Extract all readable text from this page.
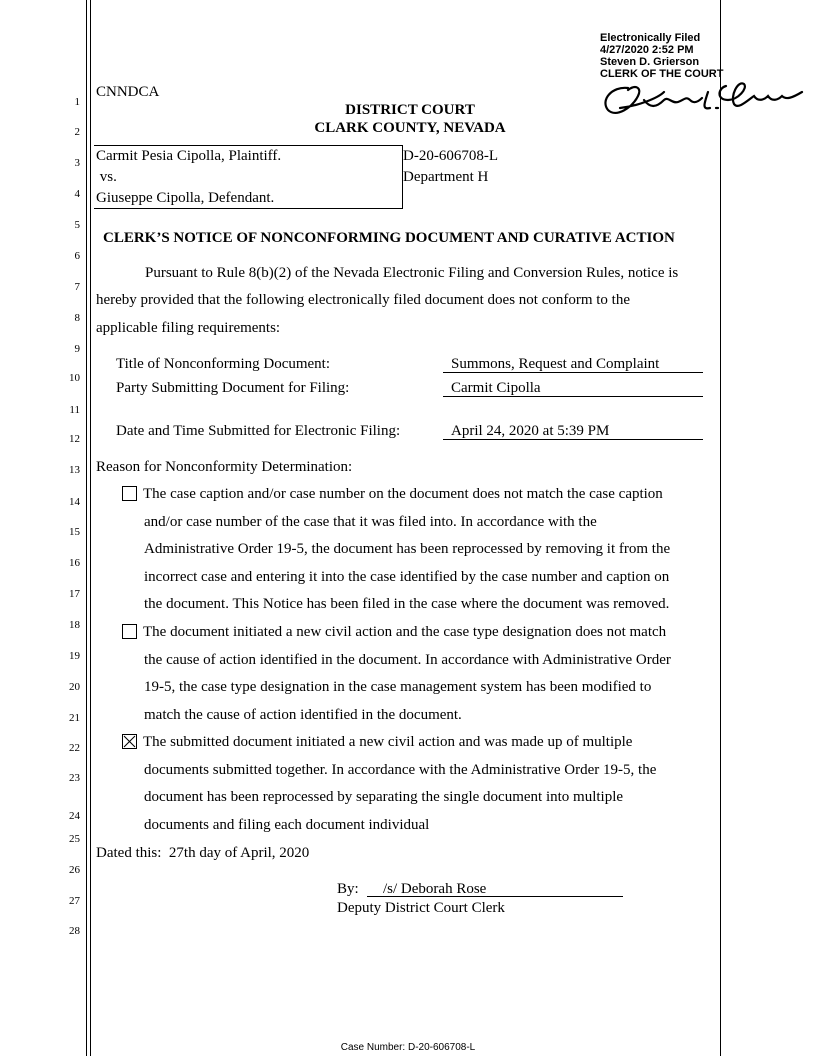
1
2
3
4
5
6
7
8
9
10
11
12
13
14
15
16
17
18
19
20
21
22
23
24
25
26
27
28
Electronically Filed
4/27/2020 2:52 PM
Steven D. Grierson
CLERK OF THE COURT
CNNDCA
DISTRICT COURT
CLARK COUNTY, NEVADA
Carmit Pesia Cipolla, Plaintiff.
vs.
Giuseppe Cipolla, Defendant.
D-20-606708-L
Department H
CLERK’S NOTICE OF NONCONFORMING DOCUMENT AND CURATIVE ACTION
Pursuant to Rule 8(b)(2) of the Nevada Electronic Filing and Conversion Rules, notice is
hereby provided that the following electronically filed document does not conform to the
applicable filing requirements:
Title of Nonconforming Document:	Summons, Request and Complaint
Party Submitting Document for Filing:	Carmit Cipolla
Date and Time Submitted for Electronic Filing:	April 24, 2020 at 5:39 PM
Reason for Nonconformity Determination:
The case caption and/or case number on the document does not match the case caption
and/or case number of the case that it was filed into. In accordance with the
Administrative Order 19-5, the document has been reprocessed by removing it from the
incorrect case and entering it into the case identified by the case number and caption on
the document. This Notice has been filed in the case where the document was removed.
The document initiated a new civil action and the case type designation does not match
the cause of action identified in the document. In accordance with Administrative Order
19-5, the case type designation in the case management system has been modified to
match the cause of action identified in the document.
The submitted document initiated a new civil action and was made up of multiple
documents submitted together. In accordance with the Administrative Order 19-5, the
document has been reprocessed by separating the single document into multiple
documents and filing each document individual
Dated this:  27th day of April, 2020
By:	/s/ Deborah Rose
Deputy District Court Clerk
Case Number: D-20-606708-L
